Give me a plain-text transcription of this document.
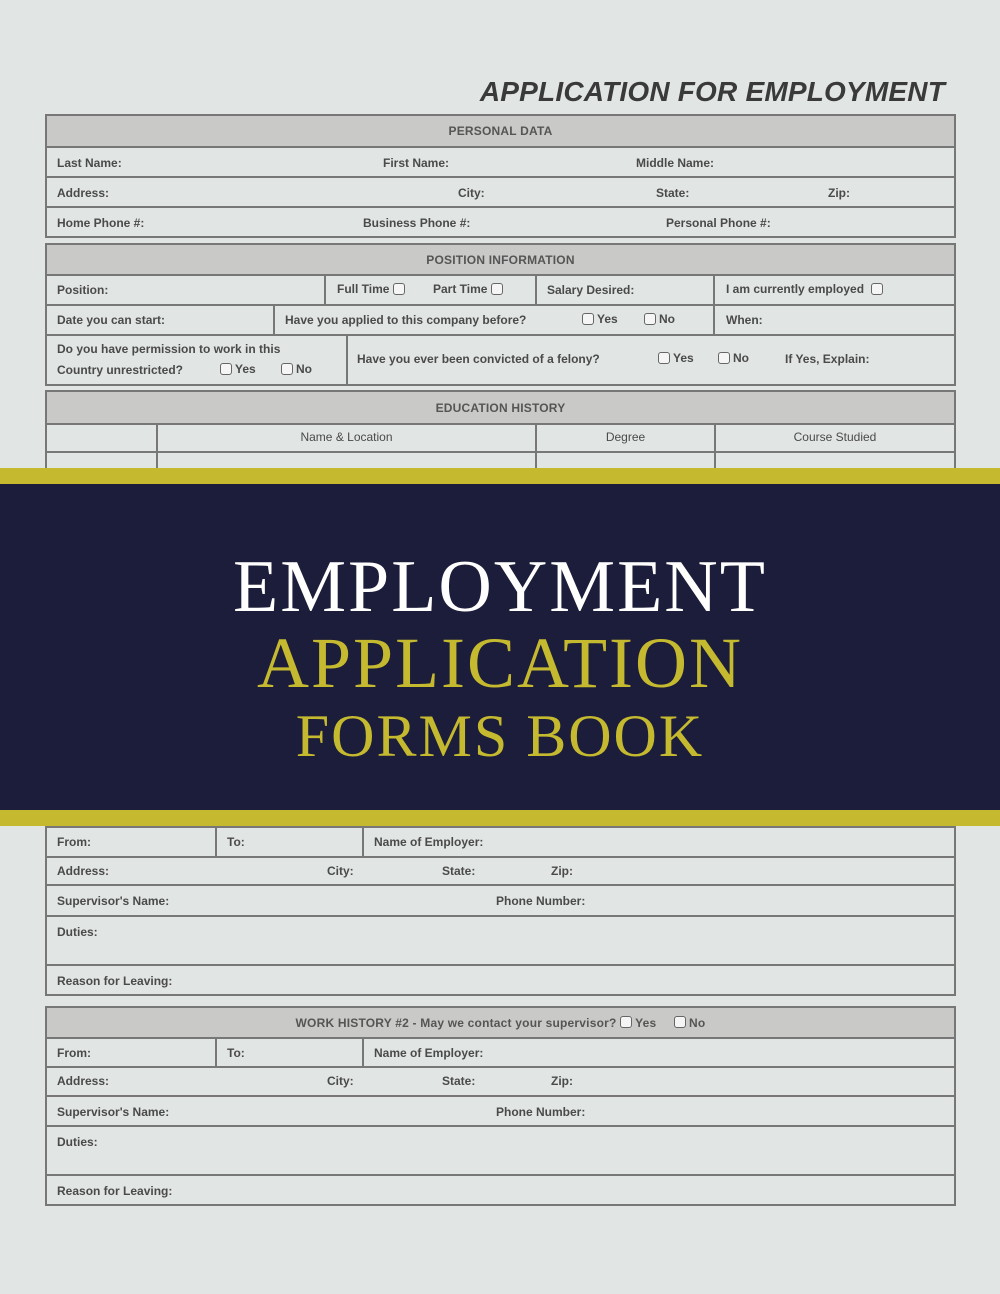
APPLICATION FOR EMPLOYMENT
PERSONAL DATA
Last Name:	First Name:	Middle Name:
Address:	City:	State:	Zip:
Home Phone #:	Business Phone #:	Personal Phone #:
POSITION INFORMATION
Position:	Full Time	Part Time	Salary Desired:	I am currently employed
Date you can start:	Have you applied to this company before?	Yes	No	When:
Do you have permission to work in this
Country unrestricted?	Yes	No
Have you ever been convicted of a felony?	Yes	No	If Yes, Explain:
EDUCATION HISTORY
Name & Location	Degree	Course Studied

EMPLOYMENT

APPLICATION

FORMS BOOK

From:	To:	Name of Employer:
Address:	City:	State:	Zip:
Supervisor's Name:	Phone Number:
Duties:
Reason for Leaving:
WORK HISTORY #2 - May we contact your supervisor?
Yes
	No
From:	To:	Name of Employer:
Address:	City:	State:	Zip:
Supervisor's Name:	Phone Number:
Duties:
Reason for Leaving:
